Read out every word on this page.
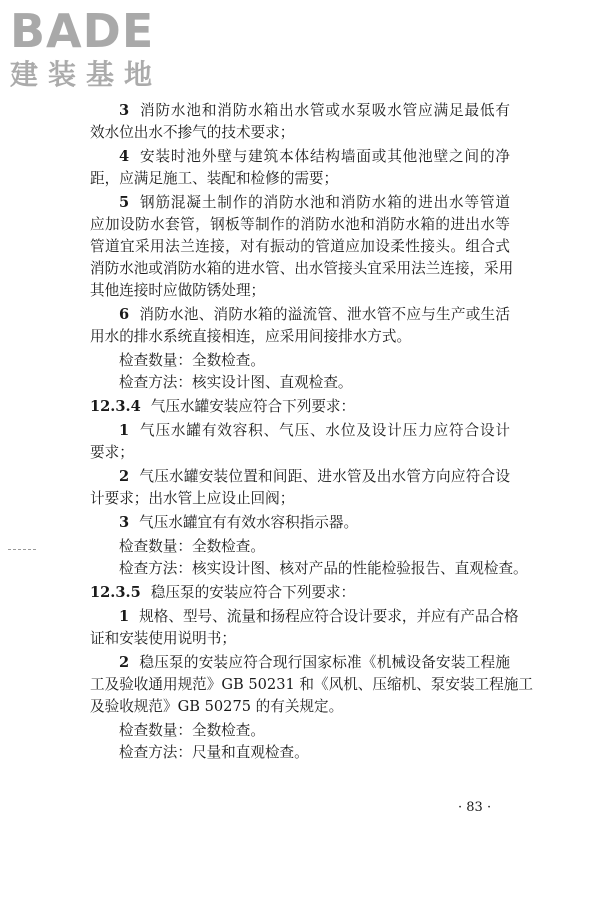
BADE
建装基地
3 消防水池和消防水箱出水管或水泵吸水管应满足最低有
效水位出水不掺气的技术要求；
4 安装时池外壁与建筑本体结构墙面或其他池壁之间的净
距，应满足施工、装配和检修的需要；
5 钢筋混凝土制作的消防水池和消防水箱的进出水等管道
应加设防水套管，钢板等制作的消防水池和消防水箱的进出水等
管道宜采用法兰连接，对有振动的管道应加设柔性接头。组合式
消防水池或消防水箱的进水管、出水管接头宜采用法兰连接，采用
其他连接时应做防锈处理；
6 消防水池、消防水箱的溢流管、泄水管不应与生产或生活
用水的排水系统直接相连，应采用间接排水方式。
检查数量：全数检查。
检查方法：核实设计图、直观检查。
12.3.4 气压水罐安装应符合下列要求：
1 气压水罐有效容积、气压、水位及设计压力应符合设计
要求；
2 气压水罐安装位置和间距、进水管及出水管方向应符合设
计要求；出水管上应设止回阀；
3 气压水罐宜有有效水容积指示器。
检查数量：全数检查。
检查方法：核实设计图、核对产品的性能检验报告、直观检查。
12.3.5 稳压泵的安装应符合下列要求：
1 规格、型号、流量和扬程应符合设计要求，并应有产品合格
证和安装使用说明书；
2 稳压泵的安装应符合现行国家标准《机械设备安装工程施
工及验收通用规范》GB 50231 和《风机、压缩机、泵安装工程施工
及验收规范》GB 50275 的有关规定。
检查数量：全数检查。
检查方法：尺量和直观检查。
· 83 ·
